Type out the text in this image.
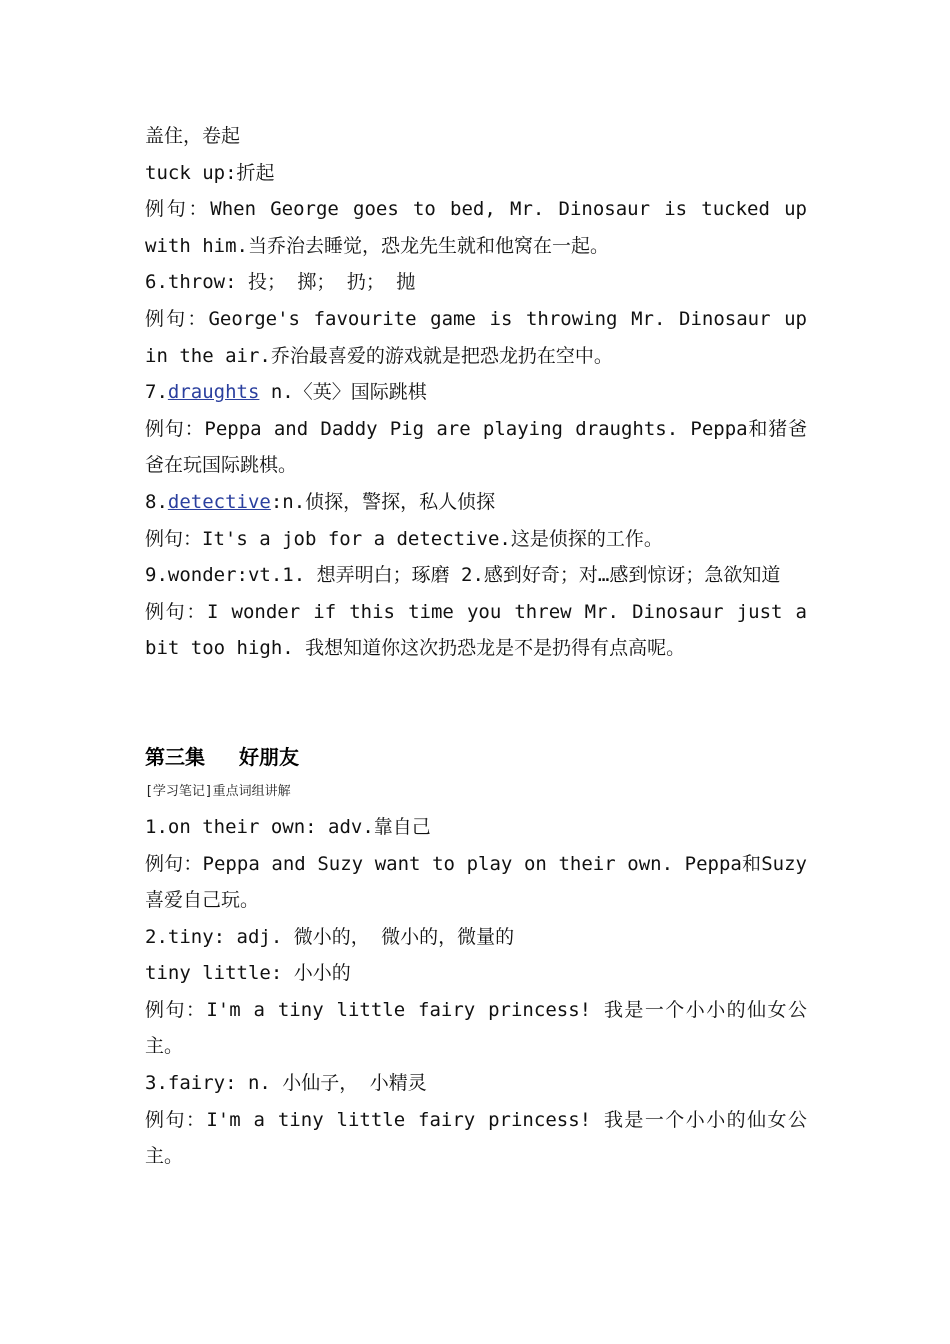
盖住，卷起

tuck up:折起

例句：When George goes to bed, Mr. Dinosaur is tucked up with him.当乔治去睡觉，恐龙先生就和他窝在一起。

6.throw: 投； 掷； 扔； 抛

例句：George's favourite game is throwing Mr. Dinosaur up in the air.乔治最喜爱的游戏就是把恐龙扔在空中。

7.draughts n.〈英〉国际跳棋

例句：Peppa and Daddy Pig are playing draughts. Peppa和猪爸爸在玩国际跳棋。

8.detective:n.侦探，警探，私人侦探

例句：It's a job for a detective.这是侦探的工作。

9.wonder:vt.1. 想弄明白；琢磨 2.感到好奇；对…感到惊讶；急欲知道

例句：I wonder if this time you threw Mr. Dinosaur just a bit too high. 我想知道你这次扔恐龙是不是扔得有点高呢。

第三集 好朋友

[学习笔记]重点词组讲解

1.on their own: adv.靠自己

例句：Peppa and Suzy want to play on their own. Peppa和Suzy 喜爱自己玩。

2.tiny: adj. 微小的， 微小的，微量的

tiny little: 小小的

例句：I'm a tiny little fairy princess! 我是一个小小的仙女公主。

3.fairy: n. 小仙子， 小精灵

例句：I'm a tiny little fairy princess! 我是一个小小的仙女公主。
